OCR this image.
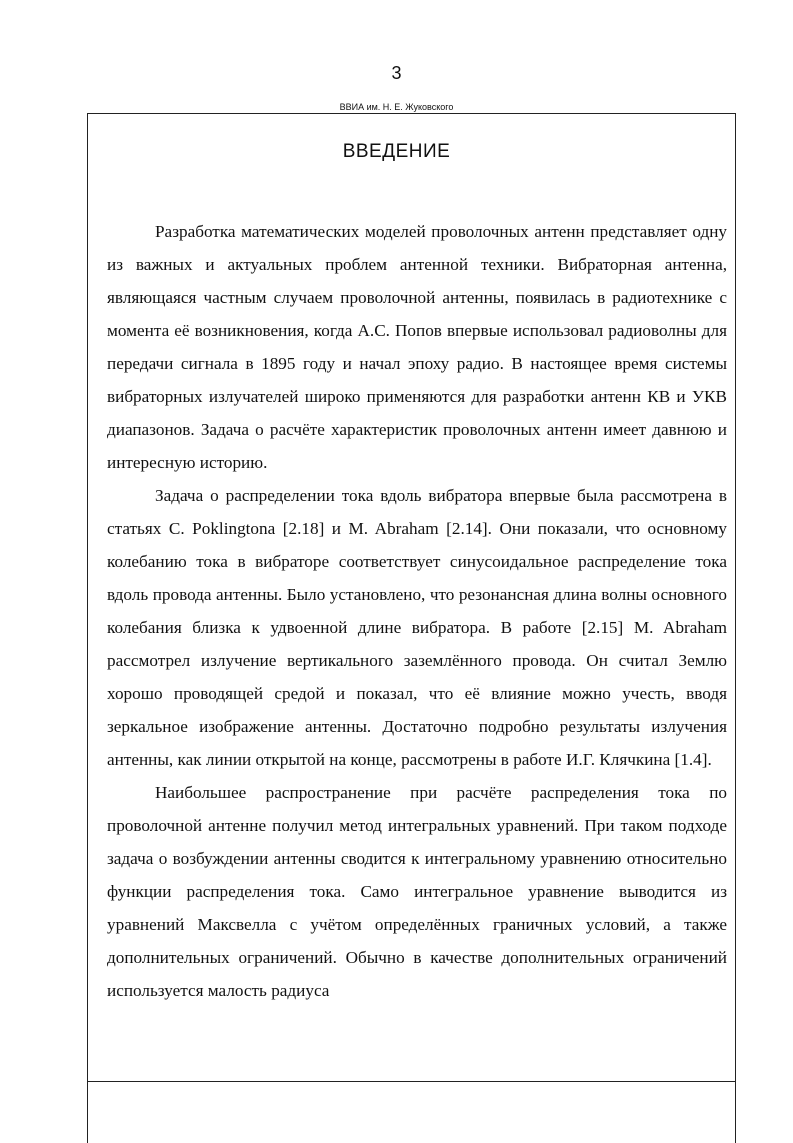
3
ВВИА им. Н. Е. Жуковского
ВВЕДЕНИЕ

Разработка математических моделей проволочных антенн представляет одну из важных и актуальных проблем антенной техники. Вибраторная антенна, являющаяся частным случаем проволочной антенны, появилась в радиотехнике с момента её возникновения, когда А.С. Попов впервые использовал радиоволны для передачи сигнала в 1895 году и начал эпоху радио. В настоящее время системы вибраторных излучателей широко применяются для разработки антенн КВ и УКВ диапазонов. Задача о расчёте характеристик проволочных антенн имеет давнюю и интересную историю.

Задача о распределении тока вдоль вибратора впервые была рассмотрена в статьях C. Poklingtona [2.18] и M. Abraham [2.14]. Они показали, что основному колебанию тока в вибраторе соответствует синусоидальное распределение тока вдоль провода антенны. Было установлено, что резонансная длина волны основного колебания близка к удвоенной длине вибратора. В работе [2.15] M. Abraham рассмотрел излучение вертикального заземлённого провода. Он считал Землю хорошо проводящей средой и показал, что её влияние можно учесть, вводя зеркальное изображение антенны. Достаточно подробно результаты излучения антенны, как линии открытой на конце, рассмотрены в работе И.Г. Клячкина [1.4].

Наибольшее распространение при расчёте распределения тока по проволочной антенне получил метод интегральных уравнений. При таком подходе задача о возбуждении антенны сводится к интегральному уравнению относительно функции распределения тока. Само интегральное уравнение выводится из уравнений Максвелла с учётом определённых граничных условий, а также дополнительных ограничений. Обычно в качестве дополнительных ограничений используется малость радиуса
